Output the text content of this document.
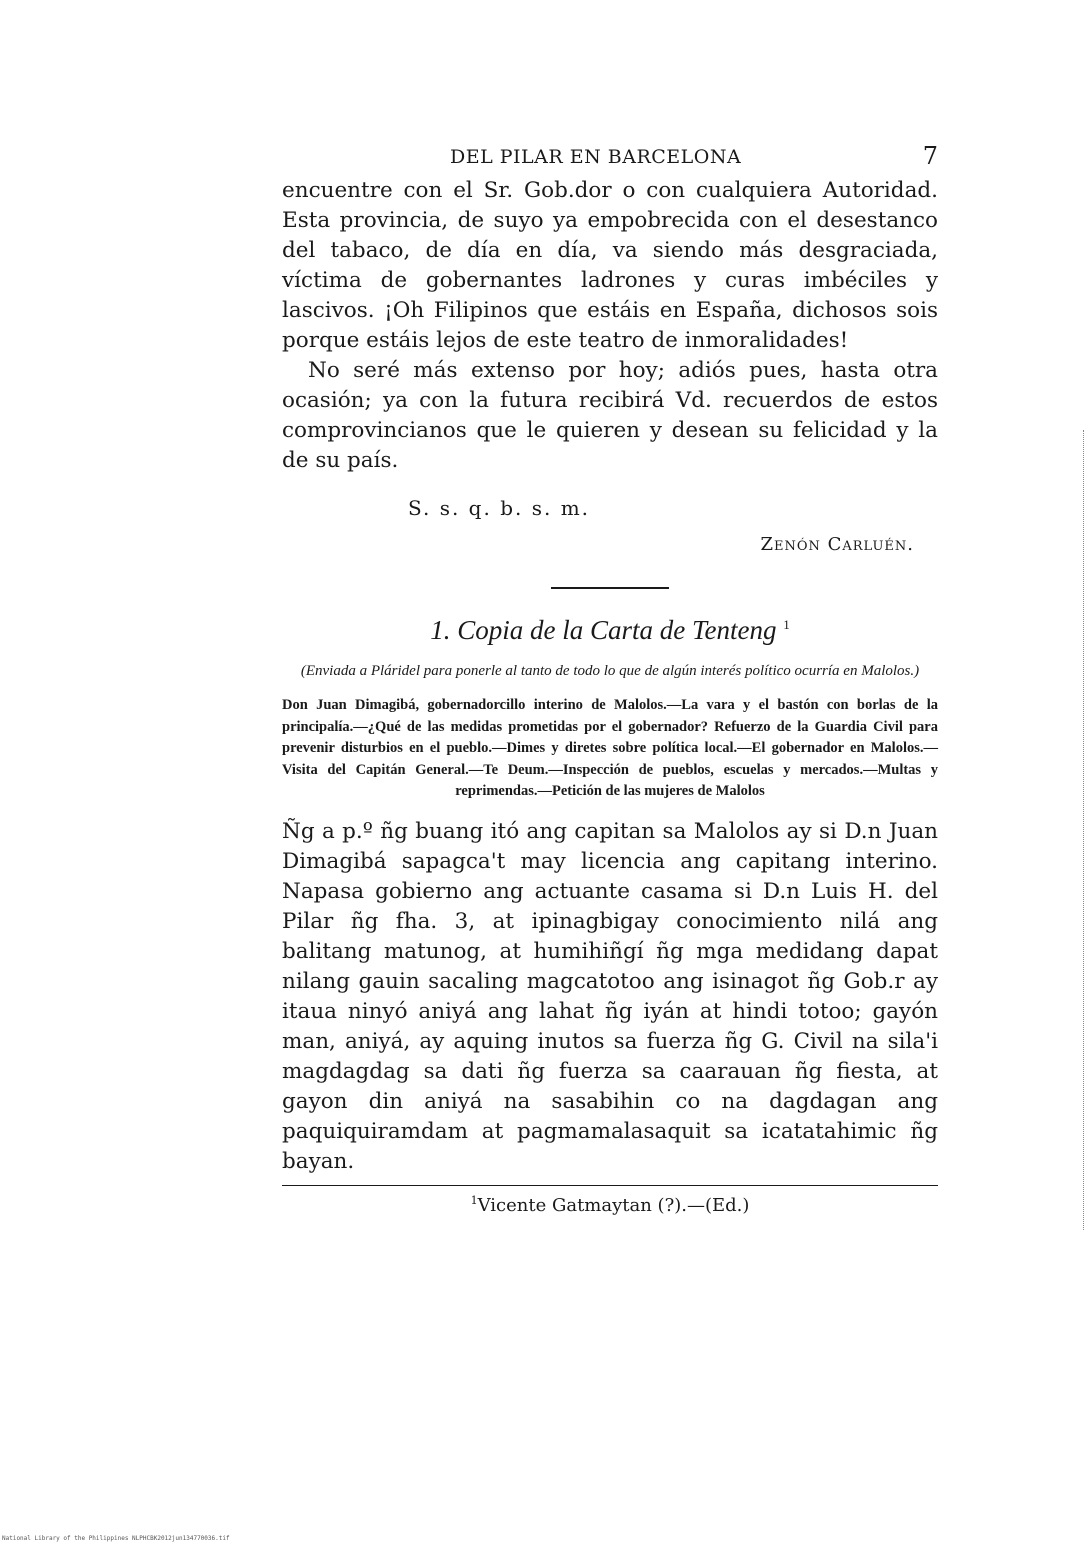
DEL PILAR EN BARCELONA	7

encuentre con el Sr. Gob.dor o con cualquiera Autoridad. Esta provincia, de suyo ya empobrecida con el desestanco del tabaco, de día en día, va siendo más desgraciada, víctima de gobernantes ladrones y curas imbéciles y lascivos. ¡Oh Filipinos que estáis en España, dichosos sois porque estáis lejos de este teatro de inmoralidades!

No seré más extenso por hoy; adiós pues, hasta otra ocasión; ya con la futura recibirá Vd. recuerdos de estos comprovincianos que le quieren y desean su felicidad y la de su país.

S. s. q. b. s. m.
Zenón Carluén.
1. Copia de la Carta de Tenteng $^1$

(Enviada a Pláridel para ponerle al tanto de todo lo que de algún interés político ocurría en Malolos.)

Don Juan Dimagibá, gobernadorcillo interino de Malolos.—La vara y el bastón con borlas de la principalía.—¿Qué de las medidas prometidas por el gobernador? Refuerzo de la Guardia Civil para prevenir disturbios en el pueblo.—Dimes y diretes sobre política local.—El gobernador en Malolos.—Visita del Capitán General.—Te Deum.—Inspección de pueblos, escuelas y mercados.—Multas y reprimendas.—Petición de las mujeres de Malolos

Ñg a p.º ñg buang itó ang capitan sa Malolos ay si D.n Juan Dimagibá sapagca't may licencia ang capitang interino. Napasa gobierno ang actuante casama si D.n Luis H. del Pilar ñg fha. 3, at ipinagbigay conocimiento nilá ang balitang matunog, at humihiñgí ñg mga medidang dapat nilang gauin sacaling magcatotoo ang isinagot ñg Gob.r ay itaua ninyó aniyá ang lahat ñg iyán at hindi totoo; gayón man, aniyá, ay aquing inutos sa fuerza ñg G. Civil na sila'i magdagdag sa dati ñg fuerza sa caarauan ñg fiesta, at gayon din aniyá na sasabihin co na dagdagan ang paquiquiramdam at pagmamalasaquit sa icatatahimic ñg bayan.

$^1$Vicente Gatmaytan (?).—(Ed.)
National Library of the Philippines NLPHCBK2012jun134770036.tif
